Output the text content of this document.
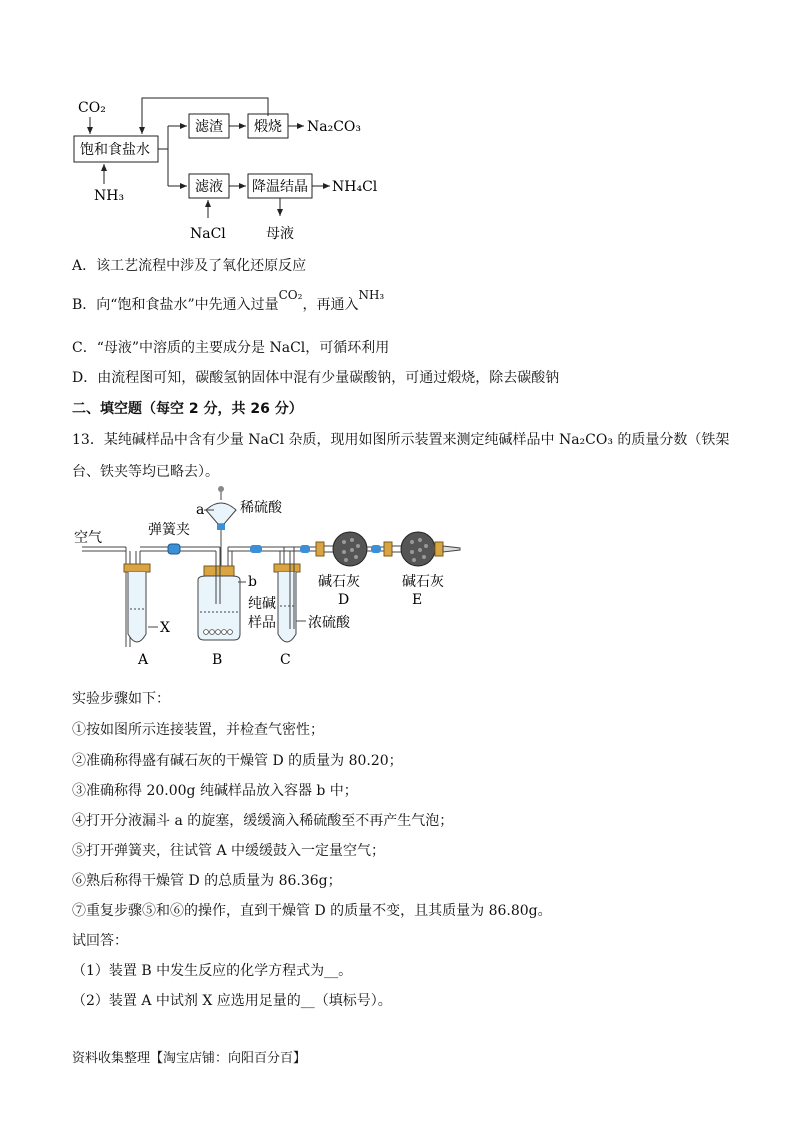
CO₂
饱和食盐水
NH₃
滤渣 煅烧 Na₂CO₃
滤液
NaCl
降温结晶 NH₄Cl
母液
A．该工艺流程中涉及了氧化还原反应
B．向“饱和食盐水”中先通入过量CO₂，再通入NH₃
C．“母液”中溶质的主要成分是 NaCl，可循环利用
D．由流程图可知，碳酸氢钠固体中混有少量碳酸钠，可通过煅烧，除去碳酸钠
二、填空题（每空 2 分，共 26 分）
13．某纯碱样品中含有少量 NaCl 杂质，现用如图所示装置来测定纯碱样品中 Na₂CO₃ 的质量分数（铁架台、铁夹等均已略去）。
空气
X
A
弹簧夹
a	稀硫酸
b
纯碱
样品
B
浓硫酸
C
碱石灰
D
碱石灰
E
实验步骤如下：
①按如图所示连接装置，并检查气密性；
②准确称得盛有碱石灰的干燥管 D 的质量为 80.20；
③准确称得 20.00g 纯碱样品放入容器 b 中；
④打开分液漏斗 a 的旋塞，缓缓滴入稀硫酸至不再产生气泡；
⑤打开弹簧夹，往试管 A 中缓缓鼓入一定量空气；
⑥熟后称得干燥管 D 的总质量为 86.36g；
⑦重复步骤⑤和⑥的操作，直到干燥管 D 的质量不变，且其质量为 86.80g。
试回答：
（1）装置 B 中发生反应的化学方程式为__。
（2）装置 A 中试剂 X 应选用足量的__（填标号）。
资料收集整理【淘宝店铺：向阳百分百】
